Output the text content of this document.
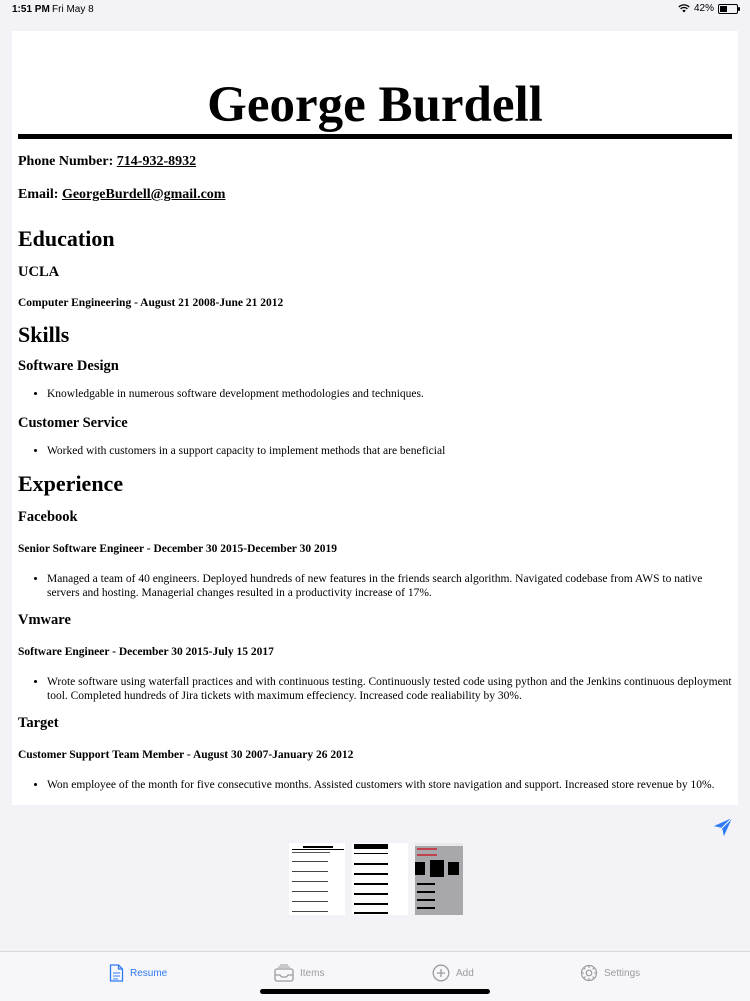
1:51 PM Fri May 8	42%
George Burdell

Phone Number: 714-932-8932

Email: GeorgeBurdell@gmail.com

Education
UCLA
Computer Engineering - August 21 2008-June 21 2012
Skills
Software Design
• Knowledgable in numerous software development methodologies and techniques.
Customer Service
• Worked with customers in a support capacity to implement methods that are beneficial
Experience
Facebook
Senior Software Engineer - December 30 2015-December 30 2019
• Managed a team of 40 engineers. Deployed hundreds of new features in the friends search algorithm. Navigated codebase from AWS to native servers and hosting. Managerial changes resulted in a productivity increase of 17%.
Vmware
Software Engineer - December 30 2015-July 15 2017
• Wrote software using waterfall practices and with continuous testing. Continuously tested code using python and the Jenkins continuous deployment tool. Completed hundreds of Jira tickets with maximum effeciency. Increased code realiability by 30%.
Target
Customer Support Team Member - August 30 2007-January 26 2012
• Won employee of the month for five consecutive months. Assisted customers with store navigation and support. Increased store revenue by 10%.
Resume	Items	Add	Settings
